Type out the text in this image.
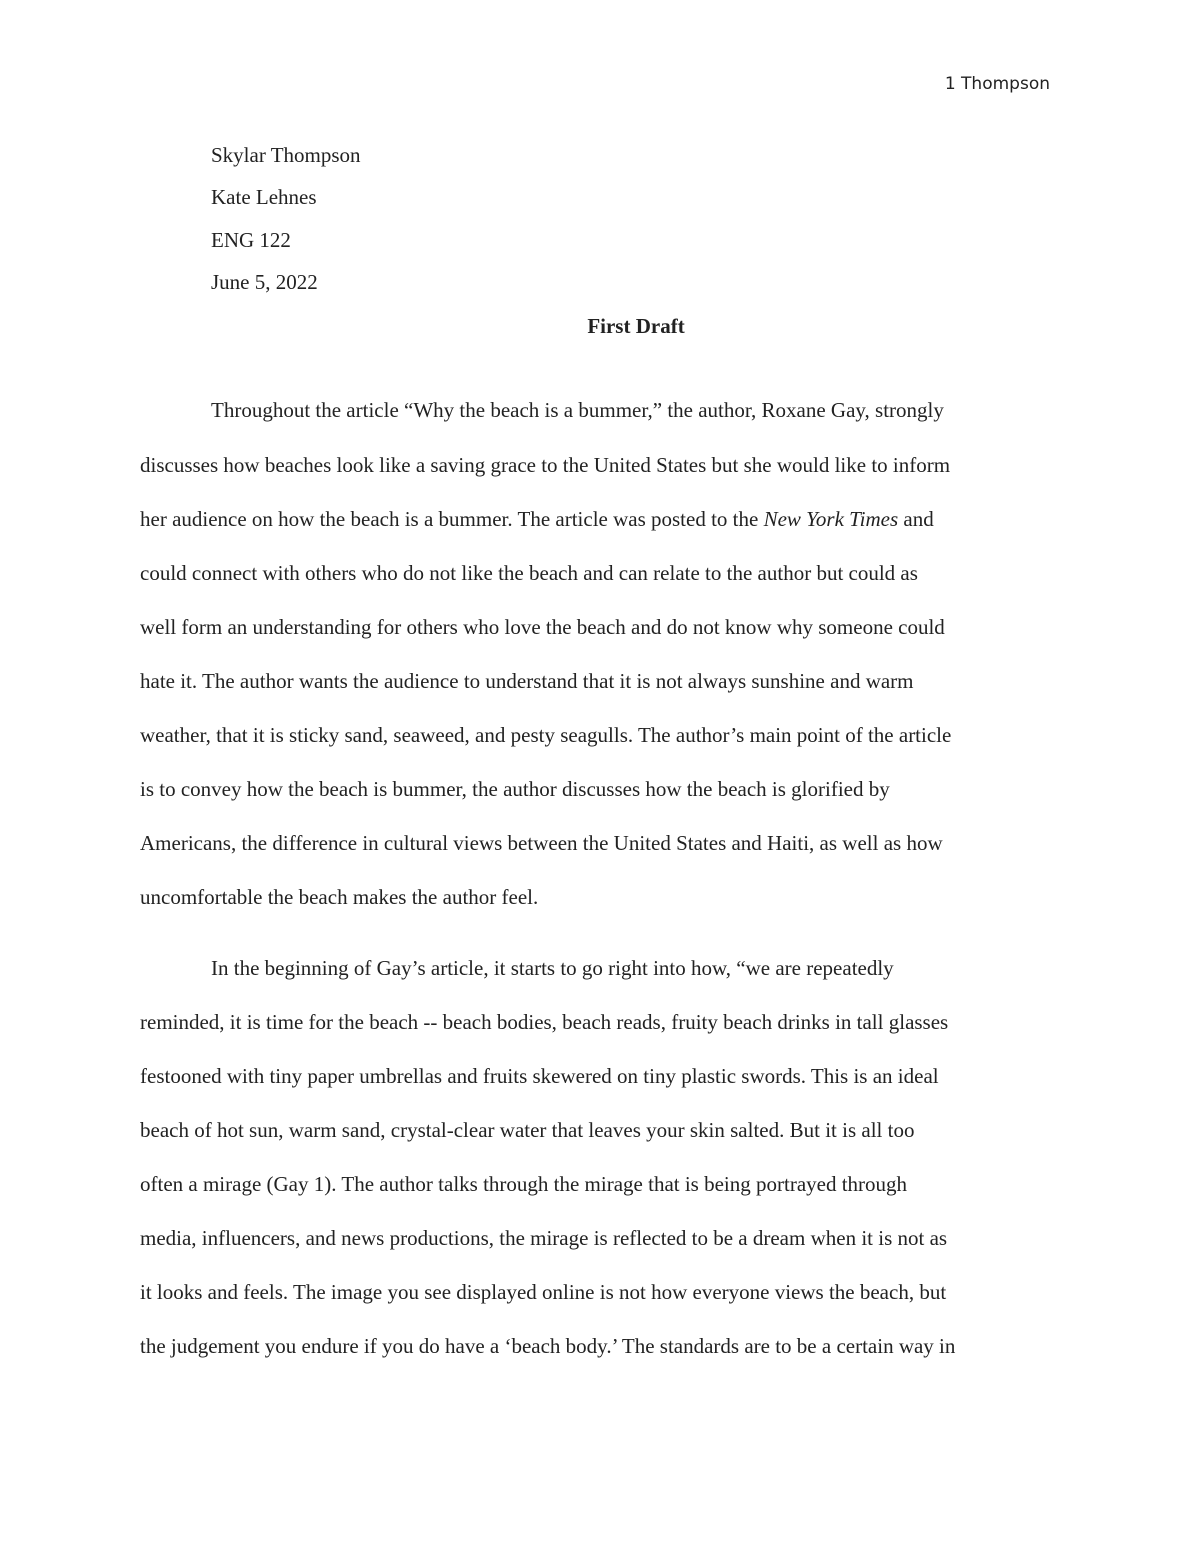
1 Thompson
Skylar Thompson
Kate Lehnes
ENG 122
June 5, 2022
First Draft
Throughout the article “Why the beach is a bummer,” the author, Roxane Gay, strongly
discusses how beaches look like a saving grace to the United States but she would like to inform
her audience on how the beach is a bummer. The article was posted to the New York Times and
could connect with others who do not like the beach and can relate to the author but could as
well form an understanding for others who love the beach and do not know why someone could
hate it. The author wants the audience to understand that it is not always sunshine and warm
weather, that it is sticky sand, seaweed, and pesty seagulls. The author’s main point of the article
is to convey how the beach is bummer, the author discusses how the beach is glorified by
Americans, the difference in cultural views between the United States and Haiti, as well as how
uncomfortable the beach makes the author feel.
In the beginning of Gay’s article, it starts to go right into how, “we are repeatedly
reminded, it is time for the beach -- beach bodies, beach reads, fruity beach drinks in tall glasses
festooned with tiny paper umbrellas and fruits skewered on tiny plastic swords. This is an ideal
beach of hot sun, warm sand, crystal-clear water that leaves your skin salted. But it is all too
often a mirage (Gay 1). The author talks through the mirage that is being portrayed through
media, influencers, and news productions, the mirage is reflected to be a dream when it is not as
it looks and feels. The image you see displayed online is not how everyone views the beach, but
the judgement you endure if you do have a ‘beach body.’ The standards are to be a certain way in
